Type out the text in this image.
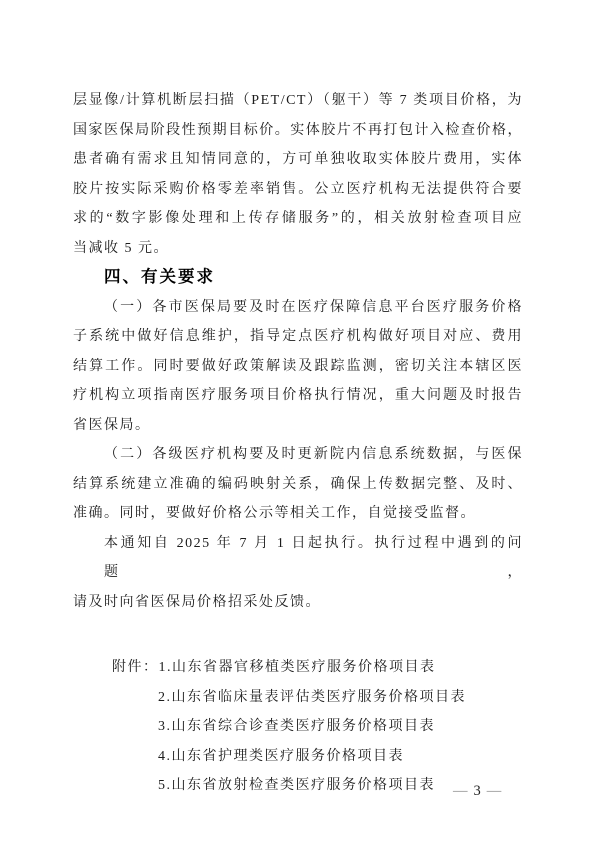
层显像/计算机断层扫描（PET/CT）（躯干）等 7 类项目价格，为

国家医保局阶段性预期目标价。实体胶片不再打包计入检查价格，

患者确有需求且知情同意的，方可单独收取实体胶片费用，实体

胶片按实际采购价格零差率销售。公立医疗机构无法提供符合要

求的“数字影像处理和上传存储服务”的，相关放射检查项目应

当减收 5 元。

四、有关要求

（一）各市医保局要及时在医疗保障信息平台医疗服务价格

子系统中做好信息维护，指导定点医疗机构做好项目对应、费用

结算工作。同时要做好政策解读及跟踪监测，密切关注本辖区医

疗机构立项指南医疗服务项目价格执行情况，重大问题及时报告

省医保局。

（二）各级医疗机构要及时更新院内信息系统数据，与医保

结算系统建立准确的编码映射关系，确保上传数据完整、及时、

准确。同时，要做好价格公示等相关工作，自觉接受监督。

本通知自 2025 年 7 月 1 日起执行。执行过程中遇到的问题，

请及时向省医保局价格招采处反馈。

附件： 1.山东省器官移植类医疗服务价格项目表

2.山东省临床量表评估类医疗服务价格项目表

3.山东省综合诊查类医疗服务价格项目表

4.山东省护理类医疗服务价格项目表

5.山东省放射检查类医疗服务价格项目表	— 3 —
